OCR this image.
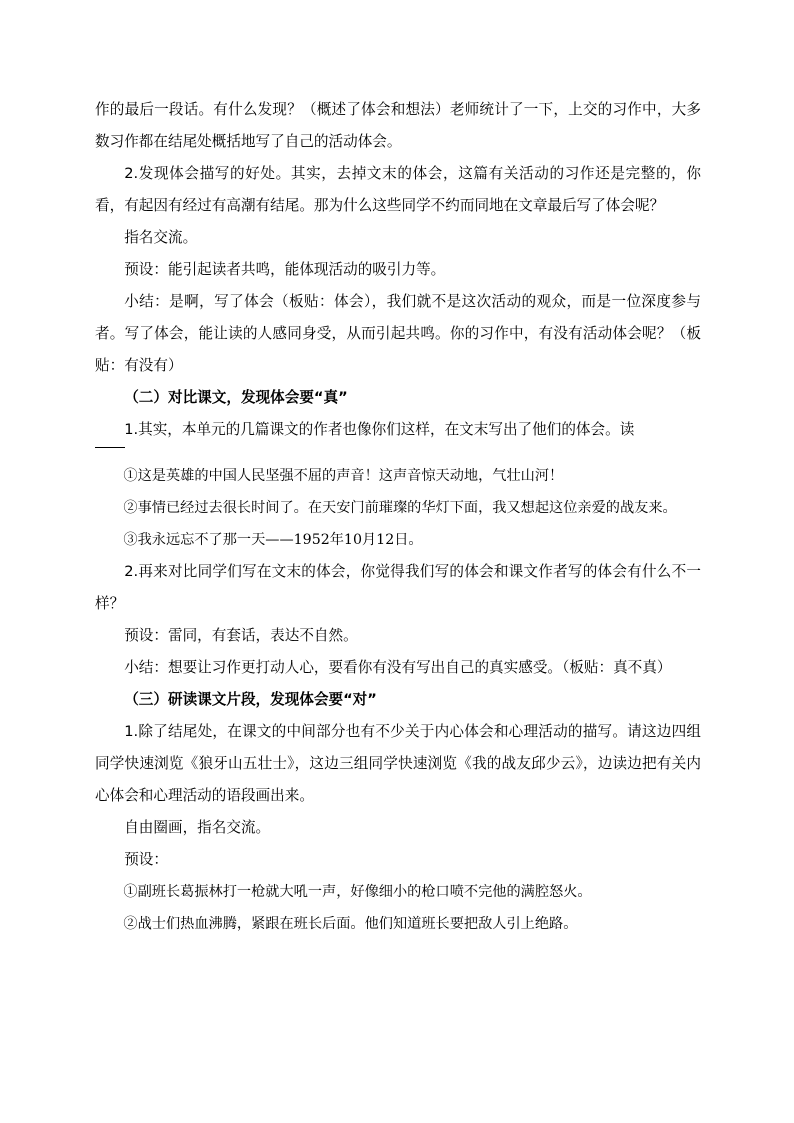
作的最后一段话。有什么发现？（概述了体会和想法）老师统计了一下，上交的习作中，大多数习作都在结尾处概括地写了自己的活动体会。

2.发现体会描写的好处。其实，去掉文末的体会，这篇有关活动的习作还是完整的，你看，有起因有经过有高潮有结尾。那为什么这些同学不约而同地在文章最后写了体会呢？

指名交流。

预设：能引起读者共鸣，能体现活动的吸引力等。

小结：是啊，写了体会（板贴：体会），我们就不是这次活动的观众，而是一位深度参与者。写了体会，能让读的人感同身受，从而引起共鸣。你的习作中，有没有活动体会呢？（板贴：有没有）

（二）对比课文，发现体会要“真”

1.其实，本单元的几篇课文的作者也像你们这样，在文末写出了他们的体会。读

①这是英雄的中国人民坚强不屈的声音！这声音惊天动地，气壮山河！

②事情已经过去很长时间了。在天安门前璀璨的华灯下面，我又想起这位亲爱的战友来。

③我永远忘不了那一天——1952年10月12日。

2.再来对比同学们写在文末的体会，你觉得我们写的体会和课文作者写的体会有什么不一样？

预设：雷同，有套话，表达不自然。

小结：想要让习作更打动人心，要看你有没有写出自己的真实感受。（板贴：真不真）

（三）研读课文片段，发现体会要“对”

1.除了结尾处，在课文的中间部分也有不少关于内心体会和心理活动的描写。请这边四组同学快速浏览《狼牙山五壮士》，这边三组同学快速浏览《我的战友邱少云》，边读边把有关内心体会和心理活动的语段画出来。

自由圈画，指名交流。

预设：

①副班长葛振林打一枪就大吼一声，好像细小的枪口喷不完他的满腔怒火。

②战士们热血沸腾，紧跟在班长后面。他们知道班长要把敌人引上绝路。
